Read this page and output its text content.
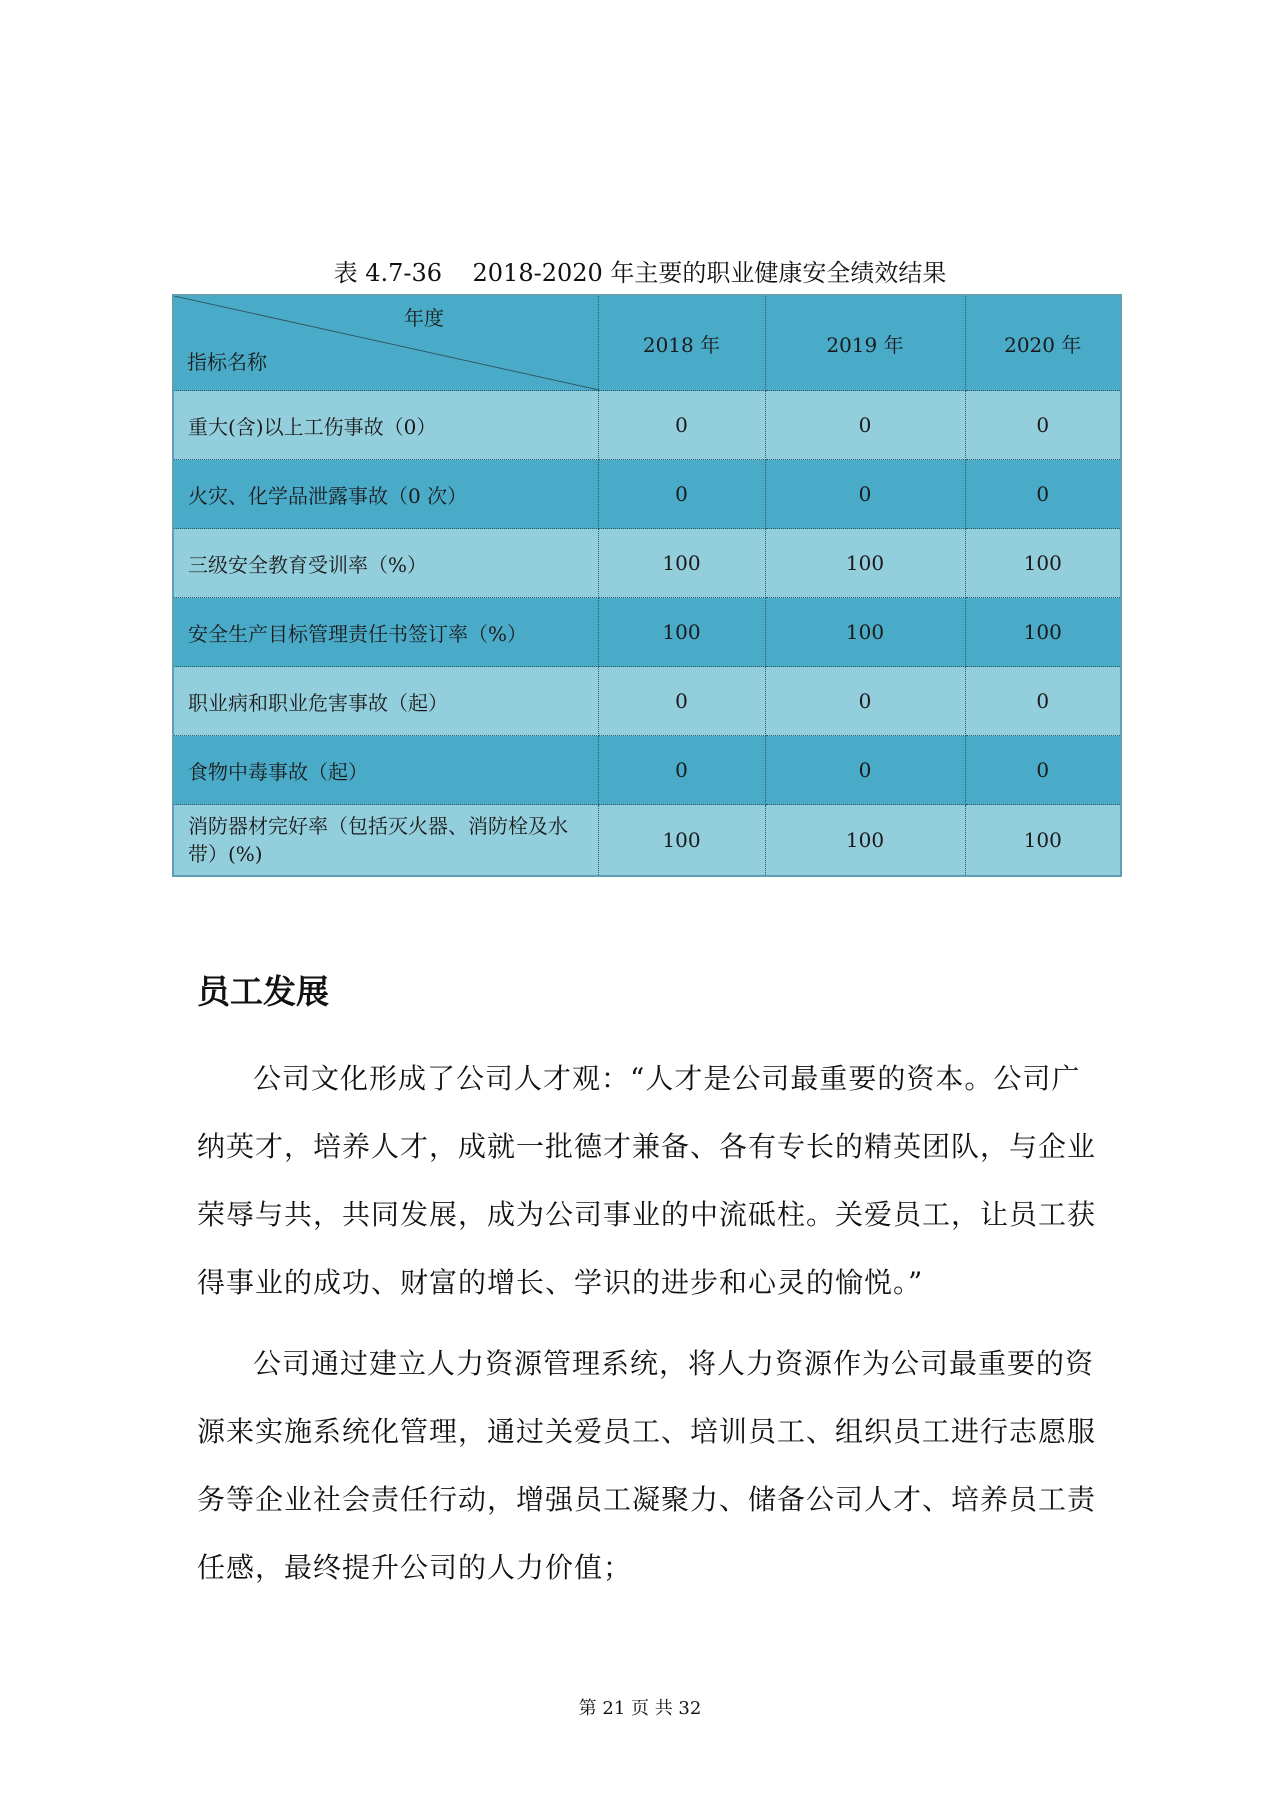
表 4.7-36    2018-2020 年主要的职业健康安全绩效结果
年度
指标名称	2018 年	2019 年	2020 年
重大(含)以上工伤事故（0）	0	0	0
火灾、化学品泄露事故（0 次）	0	0	0
三级安全教育受训率（%）	100	100	100
安全生产目标管理责任书签订率（%）	100	100	100
职业病和职业危害事故（起）	0	0	0
食物中毒事故（起）	0	0	0
消防器材完好率（包括灭火器、消防栓及水带）(%)	100	100	100
员工发展

公司文化形成了公司人才观：“人才是公司最重要的资本。公司广纳英才，培养人才，成就一批德才兼备、各有专长的精英团队，与企业荣辱与共，共同发展，成为公司事业的中流砥柱。关爱员工，让员工获得事业的成功、财富的增长、学识的进步和心灵的愉悦。”

公司通过建立人力资源管理系统，将人力资源作为公司最重要的资源来实施系统化管理，通过关爱员工、培训员工、组织员工进行志愿服务等企业社会责任行动，增强员工凝聚力、储备公司人才、培养员工责任感，最终提升公司的人力价值；

第 21 页 共 32
